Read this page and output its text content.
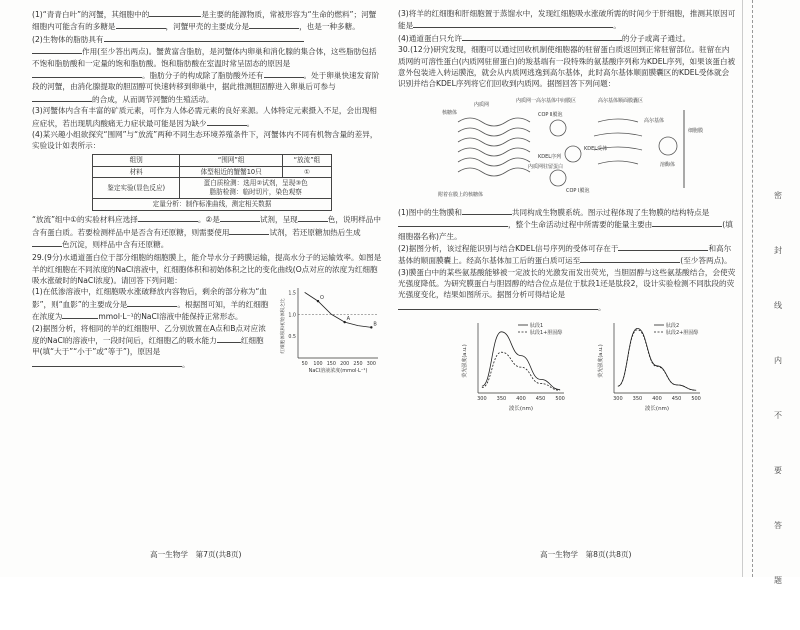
(1)“青青白叶”的河蟹，其细胞中的	是主要的能源物质，常被形容为“生命的燃料”；河蟹细胞内可能含有的多糖是	，河蟹甲壳的主要成分是	，也是一种多糖。

(2)生物体的脂肪具有
作用(至少答出两点)。蟹黄富含脂肪，是河蟹体内卵巢和消化腺的集合体，这些脂肪包括不饱和脂肪酸和一定量的饱和脂肪酸。饱和脂肪酸在室温时常呈固态的原因是。脂肪分子的构成除了脂肪酸外还有	。处于卵巢快速发育阶段的河蟹，由消化腺提取的胆固醇可快速转移到卵巢中，据此推测胆固醇进入卵巢后可参与的合成，从而调节河蟹的生殖活动。

(3)河蟹体内含有丰富的矿质元素，可作为人体必需元素的良好来源。人体特定元素摄入不足，会出现相应症状，若出现肌肉酸痛无力症状最可能是因为缺少	。

(4)某兴趣小组欲探究“围网”与“放流”两种不同生态环境养殖条件下，河蟹体内不同有机物含量的差异，实验设计如表所示：

组别	“围网”组	“放流”组
材料	体型相近的蟹蟹10只	①
鉴定实验(显色反应)	蛋白质检测：选用②试剂，呈现③色
脂肪检测：临时切片，染色观察	
定量分析：制作标准曲线，测定相关数据		

“放流”组中①的实验材料应选择	。②是	试剂，呈现	色，说明样品中含有蛋白质。若要检测样品中是否含有还原糖，则需要使用	试剂，若还原糖加热后生成色沉淀，则样品中含有还原糖。

29.(9分)水通道蛋白位于部分细胞的细胞膜上，能介导水分子跨膜运输，提高水分子的运输效率。如图是羊的红细胞在不同浓度的NaCl溶液中，红细胞体积和初始体积之比的变化曲线(O点对应的浓度为红细胞吸水涨破时的NaCl浓度)。请回答下列问题：

(1)在低渗溶液中，红细胞吸水涨破释放内容物后，剩余的部分称为“血影”，则“血影”的主要成分是	。根据图可知，羊的红细胞在浓度为	mmol·L⁻¹的NaCl溶液中能保持正常形态。

(2)据图分析，将相同的羊的红细胞甲、乙分别放置在A点和B点对应浓度的NaCl的溶液中，一段时间后，红细胞乙的吸水能力	红细胞甲(填“大于”“小于”或“等于”)，原因是。

红细胞体积和初始体积之比
NaCl溶液浓度(mmol·L⁻¹)
50 100 150 200 250 300
0.5
1.0
1.5
O
A
B
高一生物学　第7页(共8页)

(3)将羊的红细胞和肝细胞置于蒸馏水中，发现红细胞吸水涨破所需的时间少于肝细胞，推测其原因可能是	。

(4)通道蛋白只允许	的分子或离子通过。

30.(12分)研究发现，细胞可以通过回收机制使细胞器的驻留蛋白质返回到正常驻留部位。驻留在内质网的可溶性蛋白(内质网驻留蛋白)的羧基端有一段特殊的氨基酸序列称为KDEL序列，如果该蛋白被意外包装进入转运膜泡，就会从内质网逃逸到高尔基体，此时高尔基体顺面膜囊区的KDEL受体就会识别并结合KDEL序列将它们回收到内质网。据图回答下列问题：

内质网
内质网一高尔基体中间膜区	高尔基体顺面膜囊区
COP Ⅱ膜泡
核糖体
KDEL受体
KDEL序列
内质网驻留蛋白
高尔基体
COP Ⅰ膜泡
溶酶体
细胞膜
附着在膜上的核糖体

(1)图中的生物膜和	共同构成生物膜系统。图示过程体现了生物膜的结构特点是，整个生命活动过程中所需要的能量主要由	(填细胞器名称)产生。

(2)据图分析，该过程能识别与结合KDEL信号序列的受体可存在于	和高尔基体的顺面膜囊上。经高尔基体加工后的蛋白质可运至	(至少答两点)。

(3)膜蛋白中的某些氨基酸能够被一定波长的光激发而发出荧光，当胆固醇与这些氨基酸结合，会使荧光强度降低。为研究膜蛋白与胆固醇的结合位点是位于肽段1还是肽段2，设计实验检测不同肽段的荧光强度变化，结果如图所示。据图分析可得结论是。

荧光强度(a.u.)
波长(nm)
300 350 400 450 500
肽段1
肽段1+胆固醇
荧光强度(a.u.)
波长(nm)
300 350 400 450 500
肽段2
肽段2+胆固醇
高一生物学　第8页(共8页)
密
封
线
内
不
要
答
题
